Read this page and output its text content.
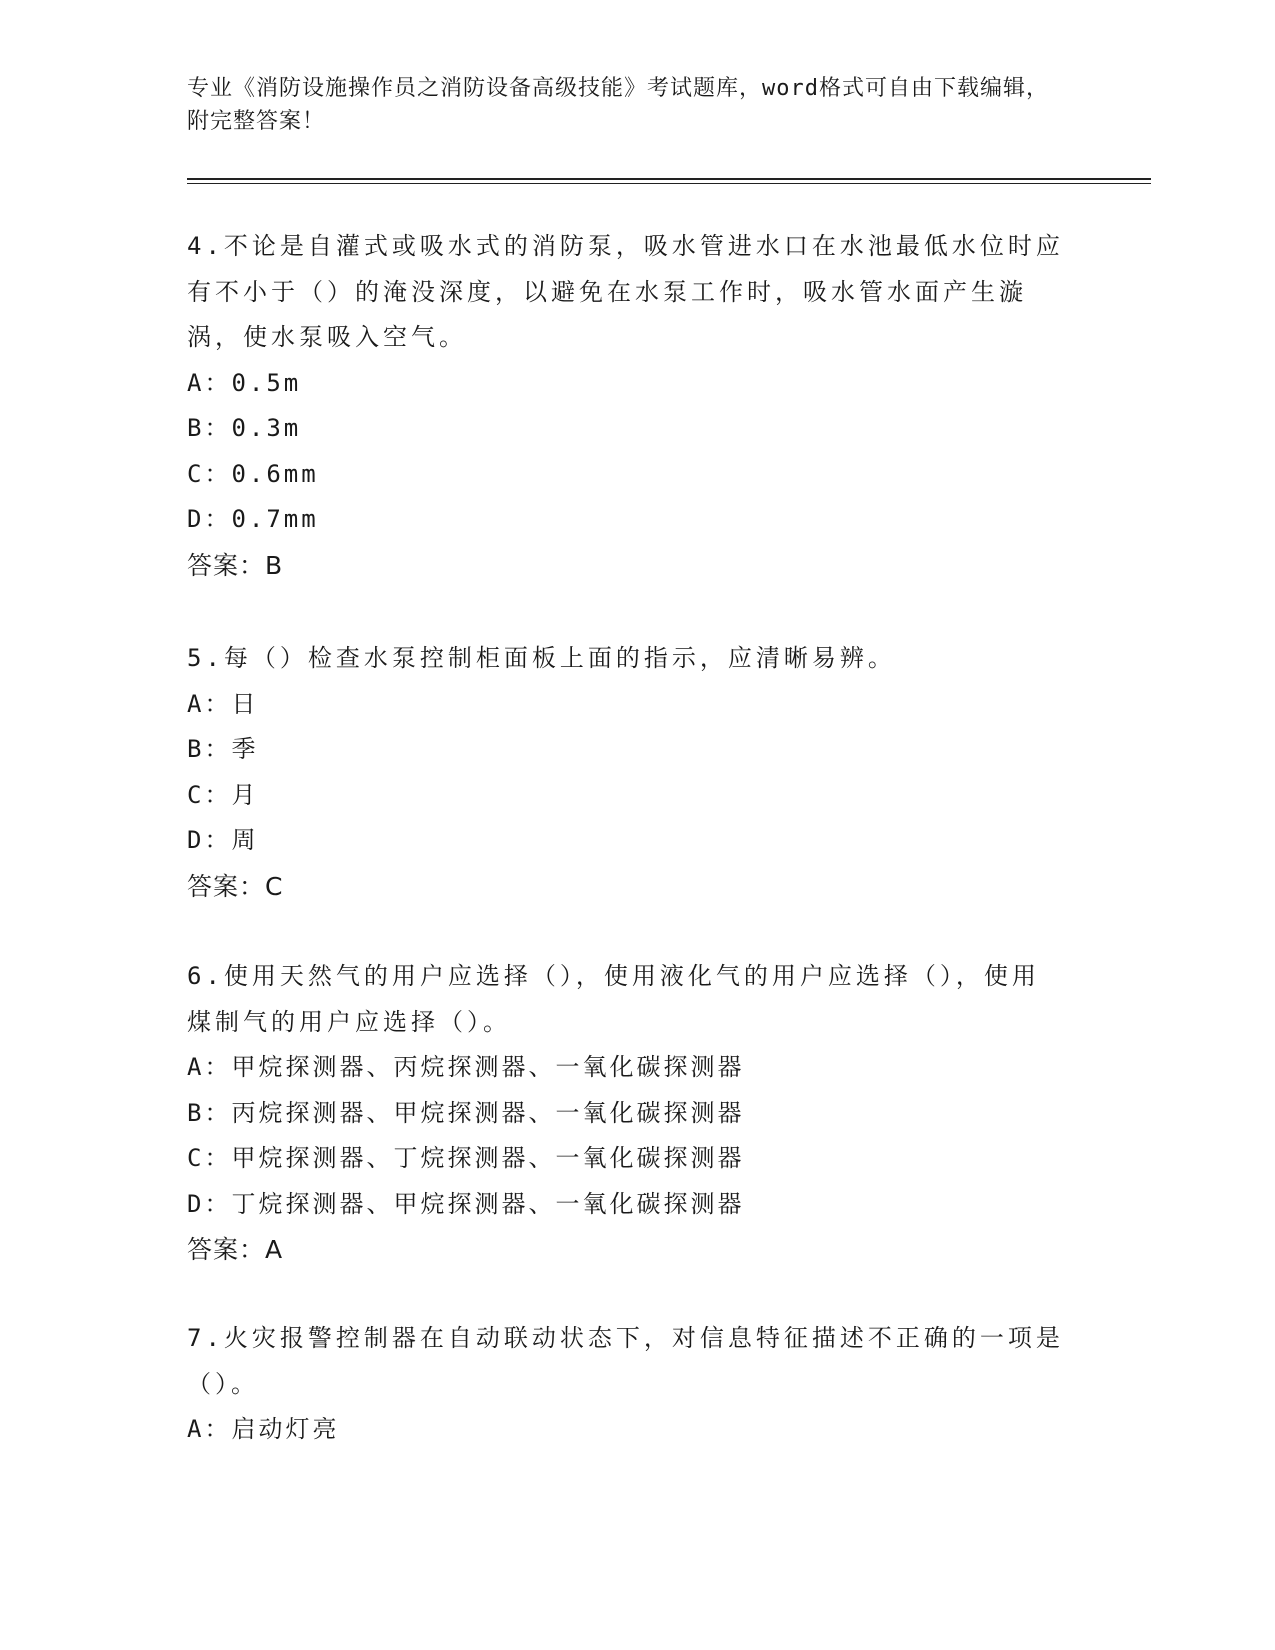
专业《消防设施操作员之消防设备高级技能》考试题库，word格式可自由下载编辑，附完整答案！

4.不论是自灌式或吸水式的消防泵，吸水管进水口在水池最低水位时应有不小于（）的淹没深度，以避免在水泵工作时，吸水管水面产生漩涡，使水泵吸入空气。

A：0.5m

B：0.3m

C：0.6mm

D：0.7mm

答案：B

5.每（）检查水泵控制柜面板上面的指示，应清晰易辨。

A：日

B：季

C：月

D：周

答案：C

6.使用天然气的用户应选择（），使用液化气的用户应选择（），使用煤制气的用户应选择（）。

A：甲烷探测器、丙烷探测器、一氧化碳探测器

B：丙烷探测器、甲烷探测器、一氧化碳探测器

C：甲烷探测器、丁烷探测器、一氧化碳探测器

D：丁烷探测器、甲烷探测器、一氧化碳探测器

答案：A

7.火灾报警控制器在自动联动状态下，对信息特征描述不正确的一项是（）。

A：启动灯亮
